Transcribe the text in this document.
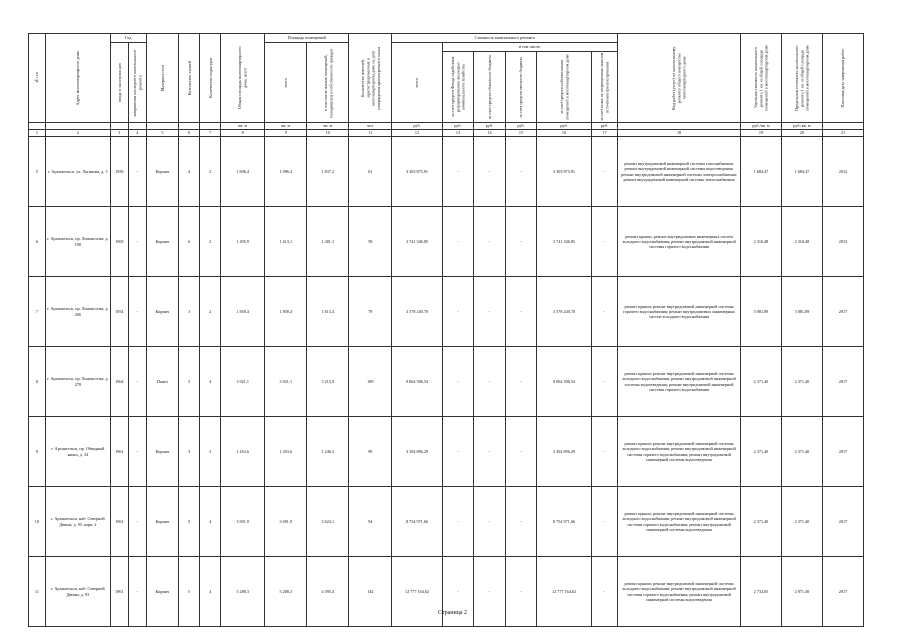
№ п/п	Адрес многоквартирного дома	Год		Материал стен	Количество этажей	Количество подъездов	Общая площадь многоквартирного дома, всего	Площадь помещений		Количество жителей, зарегистрированных в многоквартирном доме на дату утверждения краткосрочного плана	Стоимость капитального ремонта						Вид работ (услуг) по капитальному ремонту общего имущества многоквартирного дома	Удельная стоимость капитального ремонта 1 кв. м общей площади помещений в многоквартирном доме	Предельная стоимость капитального ремонта 1 кв. м общей площади помещений в многоквартирном доме	Плановая дата завершения работ

		ввода в эксплуатацию	завершения последнего капитального ремонта					всего	в том числе жилых помещений, находящихся в собственности граждан		всего	в том числе:								

												за счет средств Фонда содействия реформированию жилищно-коммунального хозяйства	за счет средств областного бюджета	за счет средств местного бюджета	за счет средств собственников помещений в многоквартирном доме	за счет иных не запрещенных законом источников финансирования				

							кв. м	кв. м	кв. м	чел.	руб.	руб.	руб.	руб.	руб.	руб.		руб./кв. м	руб./кв. м	
1	2	3	4	5	6	7	8	9	10	11	12	13	14	15	16	17	18	19	20	21
5	г. Архангельск, ул. Логинова, д. 5	1950	-	Кирпич	4	2	1 696,4	1 996,4	1 837,2	61	3 303 875,91	-	-	-	3 303 875,91	-	ремонт внутридомовой инженерной системы газоснабжения; ремонт внутридомовой инженерной системы водоотведения; ремонт внутридомовой инженерной системы электроснабжения; ремонт внутридомовой инженерной системы теплоснабжения	1 684,47	1 684,47	2012
6	г. Архангельск, пр. Ломоносова, д. 190	1965	-	Кирпич	6	2	1 495,9	1 613,1	1 401,1	58	3 741 346,85	-	-	-	3 741 346,85	-	ремонт крыши; ремонт внутридомовых инженерных систем холодного водоснабжения; ремонт внутридомовой инженерной системы горячего водоснабжения	2 316,48	2 316,48	2013
7	г. Архангельск, пр. Ломоносова, д. 206	1954	-	Кирпич	3	2	1 858,4	1 858,4	1 613,4	79	3 578 240,70	-	-	-	3 578 240,70	-	ремонт крыши; ремонт внутридомовой инженерной системы горячего водоснабжения; ремонт внутридомовых инженерных систем холодного водоснабжения	3 081,89	3 081,89	2017
8	г. Архангельск, пр. Ломоносова, д. 278	1964	-	Панел	5	4	3 921,1	3 921,1	3 213,9	189	9 064 396,54	-	-	-	9 064 396,54	-	ремонт крыши; ремонт внутридомовой инженерной системы холодного водоснабжения; ремонт внутридомовой инженерной системы водоотведения; ремонт внутридомовой инженерной системы горячего водоснабжения	2 371,40	2 371,40	2017
9	г. Архангельск, пр. Обводный канал, д. 34	1961	-	Кирпич	3	3	1 453,6	1 453,6	1 246,3	99	3 394 896,29	-	-	-	3 394 896,29	-	ремонт крыши; ремонт внутридомовой инженерной системы холодного водоснабжения; ремонт внутридомовой инженерной системы горячего водоснабжения; ремонт внутридомовой инженерной системы водоотведения	2 371,40	2 371,40	2017
10	г. Архангельск, наб. Северной Двины, д. 95, корп. 2	1961	-	Кирпич	5	4	3 691,9	3 691,9	3 624,1	94	8 754 971,66	-	-	-	8 754 971,66	-	ремонт крыши; ремонт внутридомовой инженерной системы холодного водоснабжения; ремонт внутридомовой инженерной системы горячего водоснабжения; ремонт внутридомовой инженерной системы водоотведения	2 371,40	2 371,40	2017
11	г. Архангельск, наб. Северной Двины, д. 93	1961	-	Кирпич	5	4	5 288,3	5 288,3	4 395,4	144	12 777 164,62	-	-	-	12 777 164,62	-	ремонт крыши; ремонт внутридомовой инженерной системы холодного водоснабжения; ремонт внутридомовой инженерной системы горячего водоснабжения; ремонт внутридомовой инженерной системы водоотведения	2 734,05	2 871,40	2017
Страница 2
